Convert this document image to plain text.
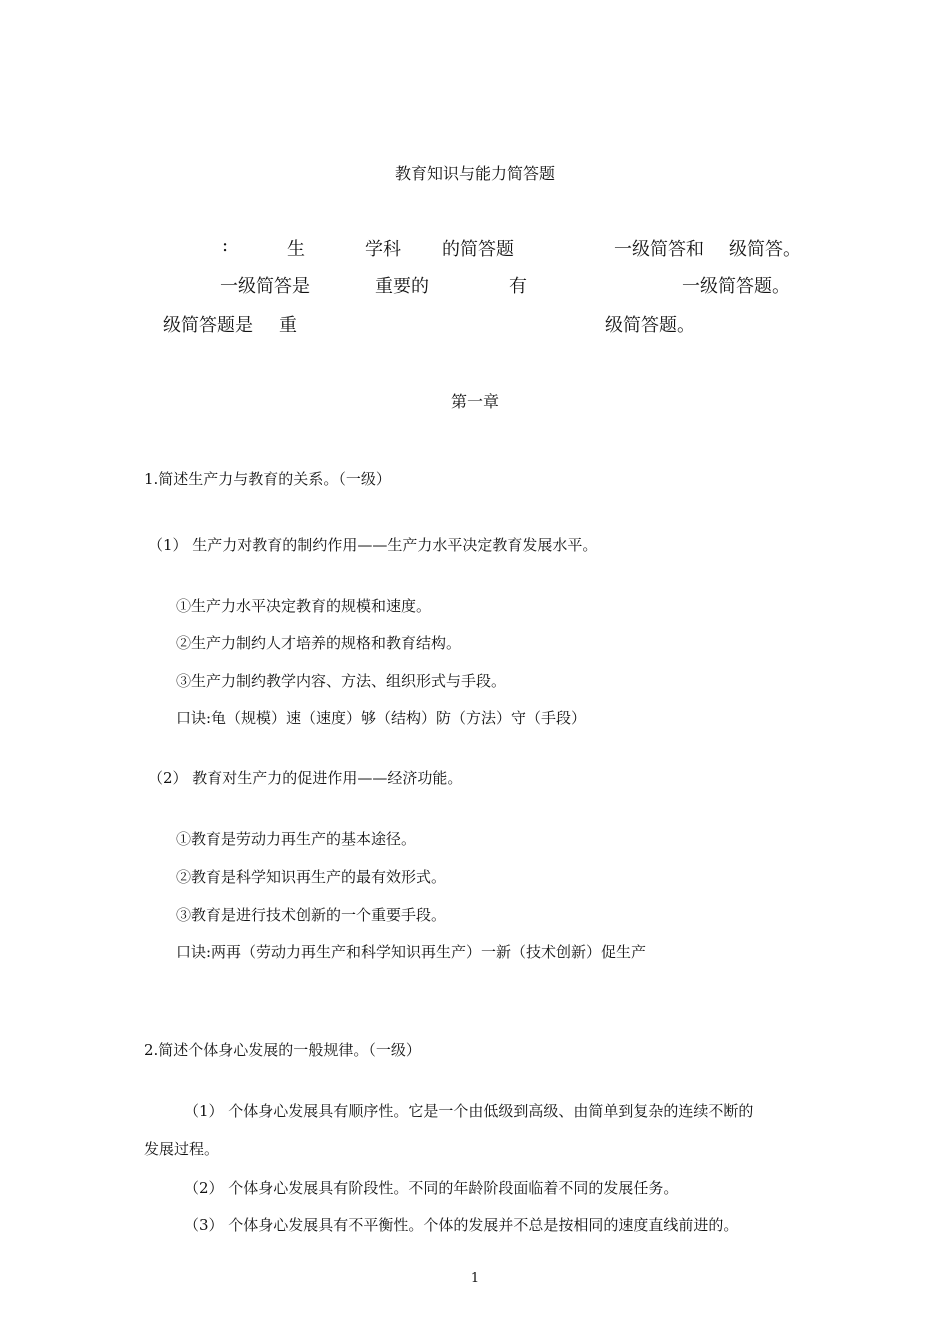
教育知识与能力简答题
:	生	学科 的简答题	一级简答和 级简答。
一级简答是	重要的	有	一级简答题。
级简答题是 重	级简答题。
第一章
1.简述生产力与教育的关系。（一级）
（1） 生产力对教育的制约作用——生产力水平决定教育发展水平。
①生产力水平决定教育的规模和速度。
②生产力制约人才培养的规格和教育结构。
③生产力制约教学内容、方法、组织形式与手段。
口诀:龟（规模）速（速度）够（结构）防（方法）守（手段）
（2） 教育对生产力的促进作用——经济功能。
①教育是劳动力再生产的基本途径。
②教育是科学知识再生产的最有效形式。
③教育是进行技术创新的一个重要手段。
口诀:两再（劳动力再生产和科学知识再生产）一新（技术创新）促生产
2.简述个体身心发展的一般规律。（一级）
（1） 个体身心发展具有顺序性。它是一个由低级到高级、由简单到复杂的连续不断的
发展过程。
（2） 个体身心发展具有阶段性。不同的年龄阶段面临着不同的发展任务。
（3） 个体身心发展具有不平衡性。个体的发展并不总是按相同的速度直线前进的。
1
